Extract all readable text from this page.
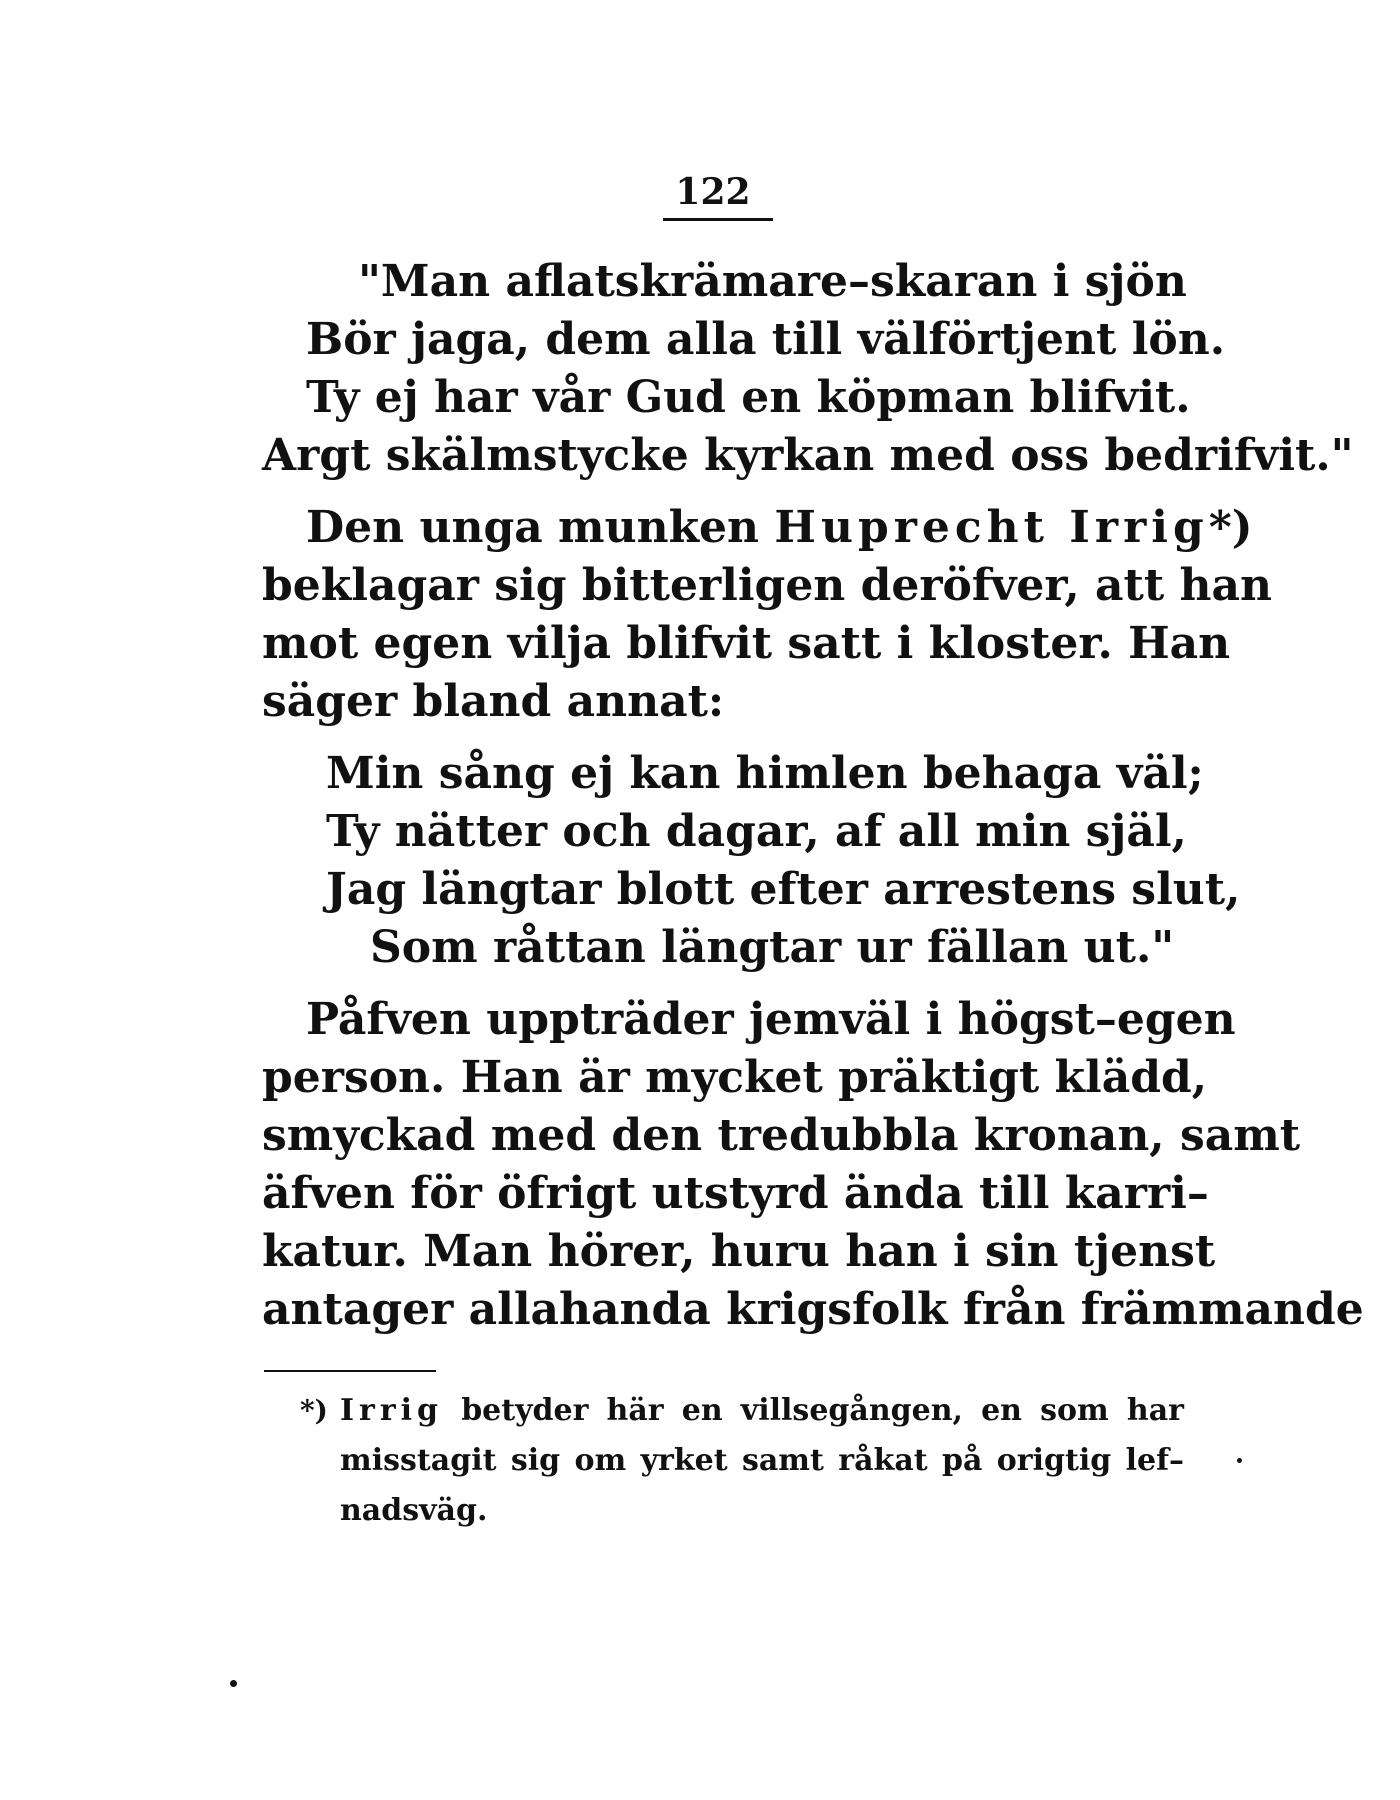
122
"Man aflatskrämare–skaran i sjön
Bör jaga, dem alla till välförtjent lön.
Ty ej har vår Gud en köpman blifvit.
Argt skälmstycke kyrkan med oss bedrifvit."
Den unga munken Huprecht Irrig*)
beklagar sig bitterligen deröfver, att han
mot egen vilja blifvit satt i kloster. Han
säger bland annat:
Min sång ej kan himlen behaga väl;
Ty nätter och dagar, af all min själ,
Jag längtar blott efter arrestens slut,
Som råttan längtar ur fällan ut."
Påfven uppträder jemväl i högst–egen
person. Han är mycket präktigt klädd,
smyckad med den tredubbla kronan, samt
äfven för öfrigt utstyrd ända till karri–
katur. Man hörer, huru han i sin tjenst
antager allahanda krigsfolk från främmande
*) Irrig betyder här en villsegången, en som har
misstagit sig om yrket samt råkat på origtig lef–
nadsväg.
